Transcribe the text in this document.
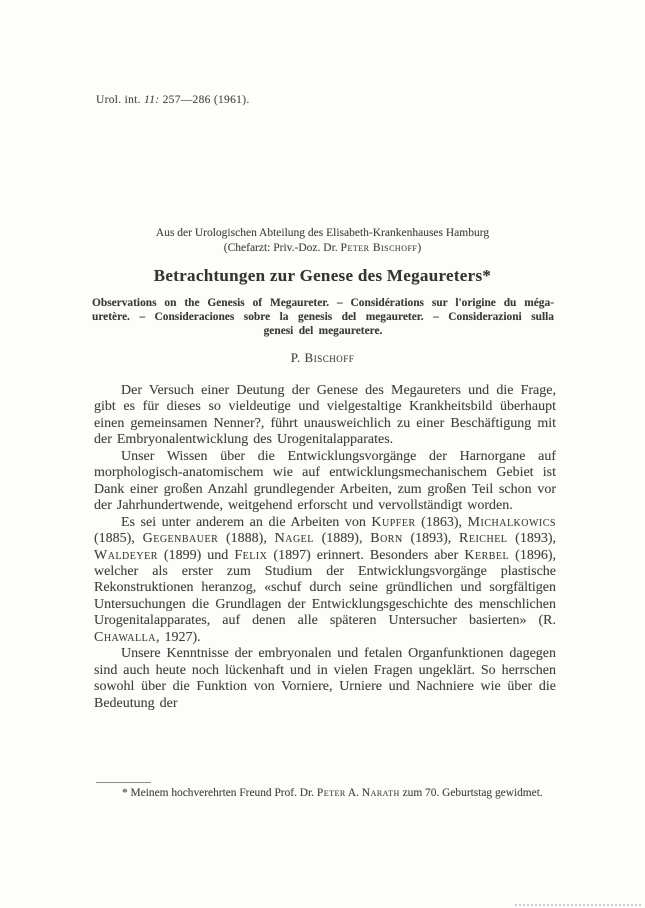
Urol. int. 11: 257—286 (1961).
Aus der Urologischen Abteilung des Elisabeth-Krankenhauses Hamburg
(Chefarzt: Priv.-Doz. Dr. Peter Bischoff)
Betrachtungen zur Genese des Megaureters*
Observations on the Genesis of Megaureter. – Considérations sur l'origine du méga-
uretère. – Consideraciones sobre la genesis del megaureter. – Considerazioni sulla
genesi del megauretere.
P. Bischoff

Der Versuch einer Deutung der Genese des Megaureters und die Frage, gibt es für dieses so vieldeutige und vielgestaltige Krankheitsbild überhaupt einen gemeinsamen Nenner?, führt unausweichlich zu einer Beschäftigung mit der Embryonalentwicklung des Urogenitalapparates.

Unser Wissen über die Entwicklungsvorgänge der Harnorgane auf morphologisch-anatomischem wie auf entwicklungsmechanischem Gebiet ist Dank einer großen Anzahl grundlegender Arbeiten, zum großen Teil schon vor der Jahrhundertwende, weitgehend erforscht und vervollständigt worden.

Es sei unter anderem an die Arbeiten von Kupfer (1863), Michalkowics (1885), Gegenbauer (1888), Nagel (1889), Born (1893), Reichel (1893), Waldeyer (1899) und Felix (1897) erinnert. Besonders aber Kerbel (1896), welcher als erster zum Studium der Entwicklungsvorgänge plastische Rekonstruktionen heranzog, «schuf durch seine gründlichen und sorgfältigen Untersuchungen die Grundlagen der Entwicklungsgeschichte des menschlichen Urogenitalapparates, auf denen alle späteren Untersucher basierten» (R. Chawalla, 1927).

Unsere Kenntnisse der embryonalen und fetalen Organfunktionen dagegen sind auch heute noch lückenhaft und in vielen Fragen ungeklärt. So herrschen sowohl über die Funktion von Vorniere, Urniere und Nachniere wie über die Bedeutung der

* Meinem hochverehrten Freund Prof. Dr. Peter A. Narath zum 70. Geburtstag gewidmet.
